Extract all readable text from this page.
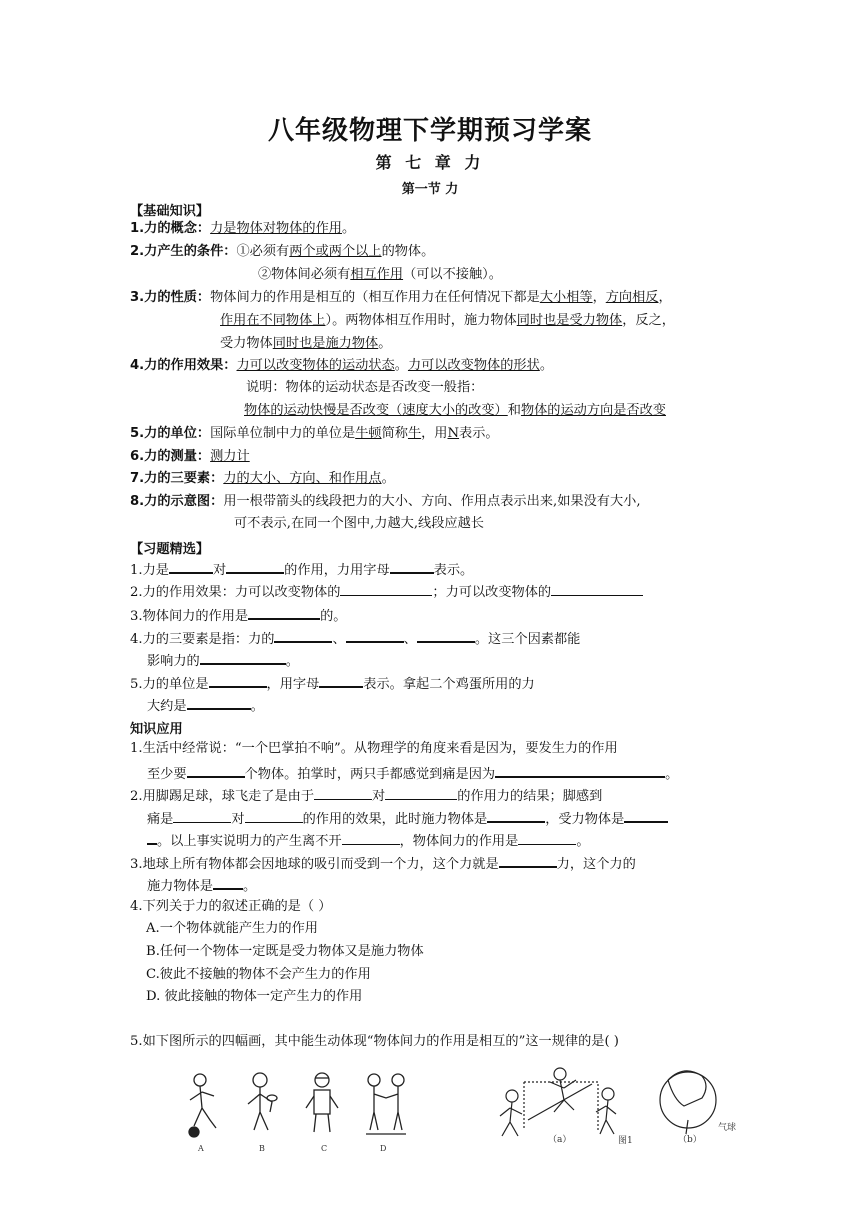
八年级物理下学期预习学案
第 七 章 力
第一节 力
【基础知识】
1.力的概念：力是物体对物体的作用。
2.力产生的条件：①必须有两个或两个以上的物体。
②物体间必须有相互作用（可以不接触）。
3.力的性质：物体间力的作用是相互的（相互作用力在任何情况下都是大小相等，方向相反，
作用在不同物体上）。两物体相互作用时，施力物体同时也是受力物体，反之，
受力物体同时也是施力物体。
4.力的作用效果：力可以改变物体的运动状态。力可以改变物体的形状。
说明：物体的运动状态是否改变一般指：
物体的运动快慢是否改变（速度大小的改变）和物体的运动方向是否改变
5.力的单位：国际单位制中力的单位是牛顿简称牛，用N表示。
6.力的测量：测力计
7.力的三要素：力的大小、方向、和作用点。
8.力的示意图：用一根带箭头的线段把力的大小、方向、作用点表示出来,如果没有大小,
可不表示,在同一个图中,力越大,线段应越长
【习题精选】
1.力是	对	的作用，力用字母	表示。
2.力的作用效果：力可以改变物体的	；力可以改变物体的
3.物体间力的作用是	的。
4.力的三要素是指：力的	、	、	。这三个因素都能
影响力的	。
5.力的单位是	，用字母	表示。拿起二个鸡蛋所用的力
大约是	。
知识应用
1.生活中经常说：“一个巴掌拍不响”。从物理学的角度来看是因为，要发生力的作用
至少要	个物体。拍掌时，两只手都感觉到痛是因为	。
2.用脚踢足球，球飞走了是由于	对	的作用力的结果；脚感到
痛是	对	的作用的效果，此时施力物体是	，受力物体是
。以上事实说明力的产生离不开	，物体间力的作用是	。
3.地球上所有物体都会因地球的吸引而受到一个力，这个力就是	力，这个力的
施力物体是 。
4.下列关于力的叙述正确的是（ ）
A.一个物体就能产生力的作用
B.任何一个物体一定既是受力物体又是施力物体
C.彼此不接触的物体不会产生力的作用
D. 彼此接触的物体一定产生力的作用
5.如下图所示的四幅画，其中能生动体现“物体间力的作用是相互的”这一规律的是( )
A	B	C	D
（a）	图1	（b）
气球
